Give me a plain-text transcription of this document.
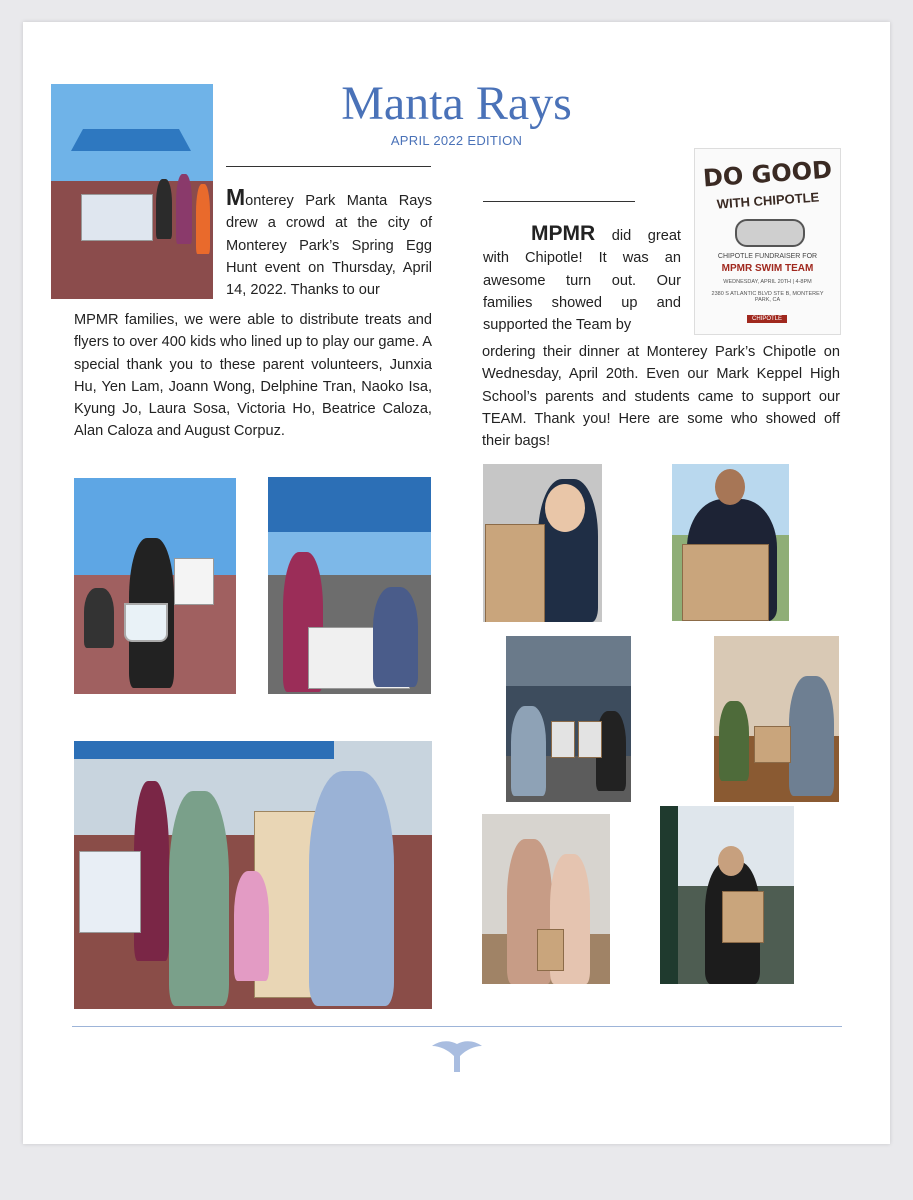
Manta Rays
APRIL 2022 EDITION
Monterey Park Manta Rays drew a crowd at the city of Monterey Park’s Spring Egg Hunt event on Thursday, April 14, 2022. Thanks to our
MPMR families, we were able to distribute treats and flyers to over 400 kids who lined up to play our game. A special thank you to these parent volunteers, Junxia Hu, Yen Lam, Joann Wong, Delphine Tran, Naoko Isa, Kyung Jo, Laura Sosa, Victoria Ho, Beatrice Caloza, Alan Caloza and August Corpuz.
MPMR did great with Chipotle! It was an awesome turn out. Our families showed up and supported the Team by
ordering their dinner at Monterey Park’s Chipotle on Wednesday, April 20th. Even our Mark Keppel High School’s parents and students came to support our TEAM. Thank you! Here are some who showed off their bags!
DO GOOD
WITH CHIPOTLE
CHIPOTLE FUNDRAISER FOR
MPMR SWIM TEAM
WEDNESDAY, APRIL 20TH | 4-8PM
2380 S ATLANTIC BLVD STE B, MONTEREY PARK, CA
CHIPOTLE
